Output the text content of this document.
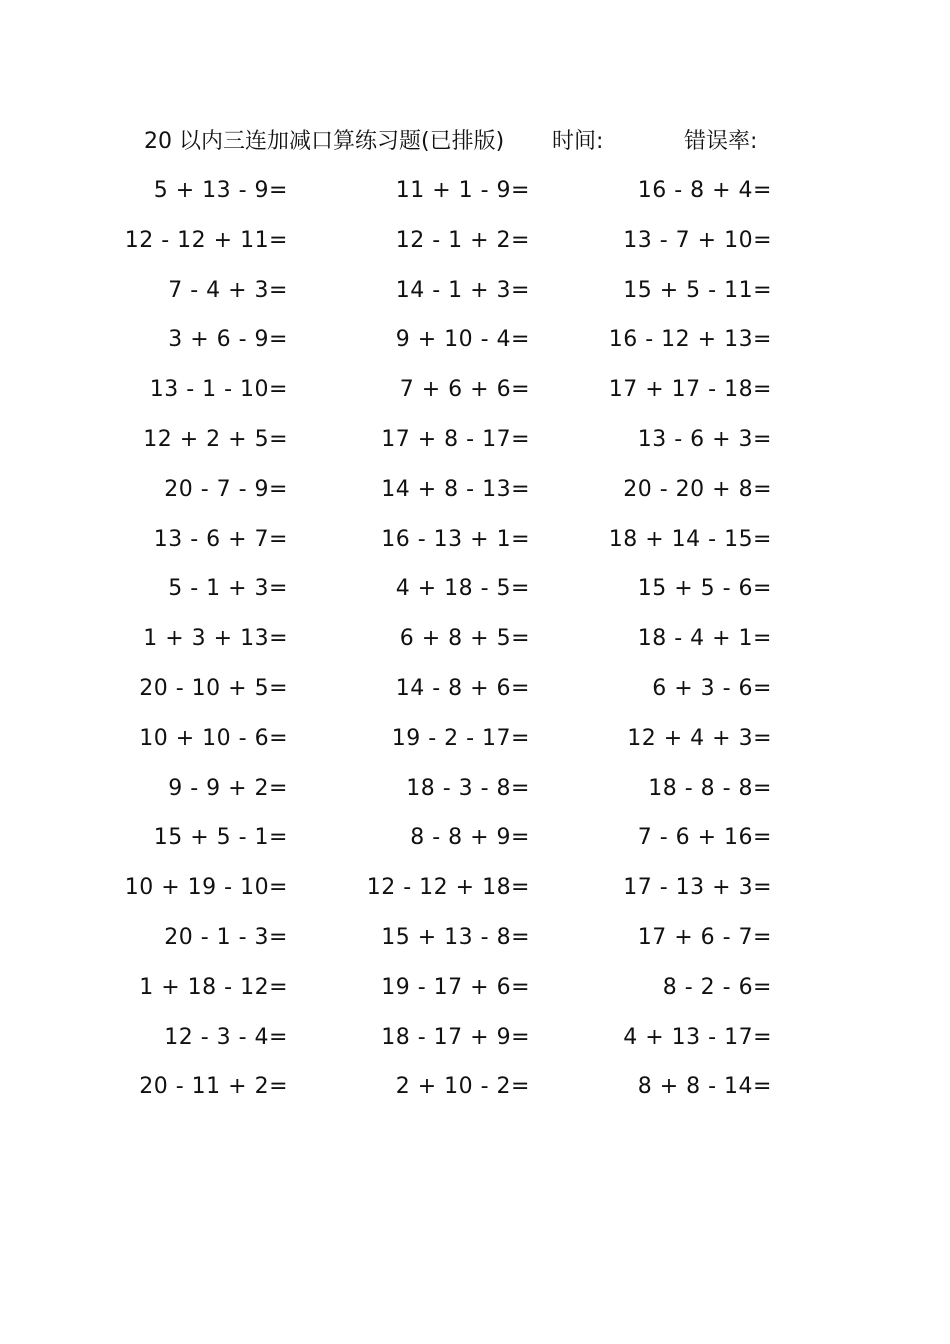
20 以内三连加减口算练习题(已排版) 时间:	错误率:
5 + 13 - 9=	11 + 1 - 9=	16 - 8 + 4=
12 - 12 + 11=	12 - 1 + 2=	13 - 7 + 10=
7 - 4 + 3=	14 - 1 + 3=	15 + 5 - 11=
3 + 6 - 9=	9 + 10 - 4=	16 - 12 + 13=
13 - 1 - 10=	7 + 6 + 6=	17 + 17 - 18=
12 + 2 + 5=	17 + 8 - 17=	13 - 6 + 3=
20 - 7 - 9=	14 + 8 - 13=	20 - 20 + 8=
13 - 6 + 7=	16 - 13 + 1=	18 + 14 - 15=
5 - 1 + 3=	4 + 18 - 5=	15 + 5 - 6=
1 + 3 + 13=	6 + 8 + 5=	18 - 4 + 1=
20 - 10 + 5=	14 - 8 + 6=	6 + 3 - 6=
10 + 10 - 6=	19 - 2 - 17=	12 + 4 + 3=
9 - 9 + 2=	18 - 3 - 8=	18 - 8 - 8=
15 + 5 - 1=	8 - 8 + 9=	7 - 6 + 16=
10 + 19 - 10=	12 - 12 + 18=	17 - 13 + 3=
20 - 1 - 3=	15 + 13 - 8=	17 + 6 - 7=
1 + 18 - 12=	19 - 17 + 6=	8 - 2 - 6=
12 - 3 - 4=	18 - 17 + 9=	4 + 13 - 17=
20 - 11 + 2=	2 + 10 - 2=	8 + 8 - 14=
